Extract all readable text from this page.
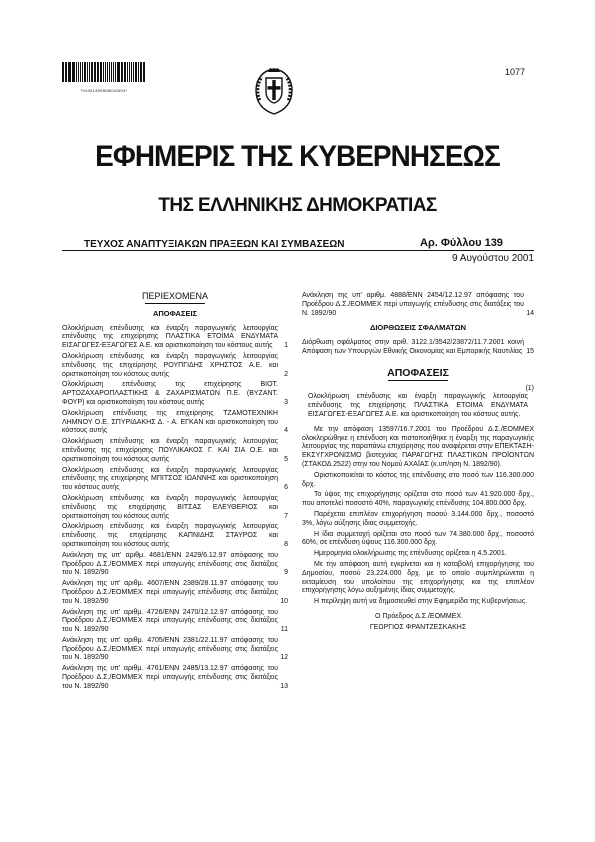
*01001390908010004*
1077
ΕΦΗΜΕΡΙΣ ΤΗΣ ΚΥΒΕΡΝΗΣΕΩΣ
ΤΗΣ ΕΛΛΗΝΙΚΗΣ ΔΗΜΟΚΡΑΤΙΑΣ
ΤΕΥΧΟΣ ΑΝΑΠΤΥΞΙΑΚΩΝ ΠΡΑΞΕΩΝ ΚΑΙ ΣΥΜΒΑΣΕΩΝ	Αρ. Φύλλου 139
9 Αυγούστου 2001
ΠΕΡΙΕΧΟΜΕΝΑ
ΑΠΟΦΑΣΕΙΣ
Ολοκλήρωση επένδυσης και έναρξη παραγωγικής λειτουργίας επένδυσης της επιχείρησης ΠΛΑΣΤΙΚΑ ΕΤΟΙΜΑ ΕΝΔΥΜΑΤΑ ΕΙΣΑΓΩΓΕΣ-ΕΞΑΓΩΓΕΣ Α.Ε. και οριστικοποίηση του κόστους αυτής	1
Ολοκλήρωση επένδυσης και έναρξη παραγωγικής λειτουργίας επένδυσης της επιχείρησης ΡΟΥΠΓΙΔΗΣ ΧΡΗΣΤΟΣ Α.Ε. και οριστικοποίηση του κόστους αυτής	2
Ολοκλήρωση επένδυσης της επιχείρησης ΒΙΟΤ. ΑΡΤΟΖΑΧΑΡΟΠΛΑΣΤΙΚΗΣ & ΖΑΧΑΡΙΣΜΑΤΩΝ Π.Ε. (ΒΥΖΑΝΤ. ΦΟΥΡ) και οριστικοποίηση του κόστους αυτής	3
Ολοκλήρωση επένδυσης της επιχείρησης ΤΖΑΜΟΤΕΧΝΙΚΗ ΛΗΜΝΟΥ Ο.Ε. ΣΠΥΡΙΔΑΚΗΣ Δ. - Α. ΕΓΚΑΝ και οριστικοποίηση του κόστους αυτής	4
Ολοκλήρωση επένδυσης και έναρξη παραγωγικής λειτουργίας επένδυσης της επιχείρησης ΠΟΥΛΙΚΑΚΟΣ Γ. ΚΑΙ ΣΙΑ Ο.Ε. και οριστικοποίηση του κόστους αυτής	5
Ολοκλήρωση επένδυσης και έναρξη παραγωγικής λειτουργίας επένδυσης της επιχείρησης ΜΠΙΤΣΟΣ ΙΩΑΝΝΗΣ και οριστικοποίηση του κόστους αυτής	6
Ολοκλήρωση επένδυσης και έναρξη παραγωγικής λειτουργίας επένδυσης της επιχείρησης ΒΙΤΣΑΣ ΕΛΕΥΘΕΡΙΟΣ και οριστικοποίηση του κόστους αυτής	7
Ολοκλήρωση επένδυσης και έναρξη παραγωγικής λειτουργίας επένδυσης της επιχείρησης ΚΑΠΝΙΔΗΣ ΣΤΑΥΡΟΣ και οριστικοποίηση του κόστους αυτής	8
Ανάκληση της υπ' αριθμ. 4681/ΕΝΝ 2429/6.12.97 απόφασης του Προέδρου Δ.Σ./ΕΟΜΜΕΧ περί υπαγωγής επένδυσης στις διατάξεις του Ν. 1892/90	9
Ανάκληση της υπ' αριθμ. 4607/ΕΝΝ 2389/28.11.97 απόφασης του Προέδρου Δ.Σ./ΕΟΜΜΕΧ περί υπαγωγής επένδυσης στις διατάξεις του Ν. 1892/90	10
Ανάκληση της υπ' αριθμ. 4726/ΕΝΝ 2470/12.12.97 απόφασης του Προέδρου Δ.Σ./ΕΟΜΜΕΧ περί υπαγωγής επένδυσης στις διατάξεις του Ν. 1892/90	11
Ανάκληση της υπ' αριθμ. 4705/ΕΝΝ 2381/22.11.97 απόφασης του Προέδρου Δ.Σ./ΕΟΜΜΕΧ περί υπαγωγής επένδυσης στις διατάξεις του Ν. 1892/90	12
Ανάκληση της υπ' αριθμ. 4761/ΕΝΝ 2485/13.12.97 απόφασης του Προέδρου Δ.Σ./ΕΟΜΜΕΧ περί υπαγωγής επένδυσης στις διατάξεις του Ν. 1892/90	13
Ανάκληση της υπ' αριθμ. 4888/ΕΝΝ 2454/12.12.97 απόφασης του Προέδρου Δ.Σ./ΕΟΜΜΕΧ περί υπαγωγής επένδυσης στις διατάξεις του Ν. 1892/90	14
ΔΙΟΡΘΩΣΕΙΣ ΣΦΑΛΜΑΤΩΝ
Διόρθωση σφάλματος στην αριθ. 3122.1/3542/23872/11.7.2001 κοινή Απόφαση των Υπουργών Εθνικής Οικονομίας και Εμπορικής Ναυτιλίας 15
ΑΠΟΦΑΣΕΙΣ
(1)
Ολοκλήρωση επένδυσης και έναρξη παραγωγικής λειτουργίας επένδυσης της επιχείρησης ΠΛΑΣΤΙΚΑ ΕΤΟΙΜΑ ΕΝΔΥΜΑΤΑ ΕΙΣΑΓΩΓΕΣ-ΕΞΑΓΩΓΕΣ Α.Ε. και οριστικοποίηση του κόστους αυτής.

Με την απόφαση 13597/16.7.2001 του Προέδρου Δ.Σ./ΕΟΜΜΕΧ ολοκληρώθηκε η επένδυση και πιστοποιήθηκε η έναρξη της παραγωγικής λειτουργίας της παραπάνω επιχείρησης που αναφέρεται στην ΕΠΕΚΤΑΣΗ-ΕΚΣΥΓΧΡΟΝΙΣΜΟ βιοτεχνίας ΠΑΡΑΓΩΓΗΣ ΠΛΑΣΤΙΚΩΝ ΠΡΟΪΟΝΤΩΝ (ΣΤΑΚΟΔ 2522) στην του Νομού ΑΧΑΪΑΣ (κ.υπ/ηση Ν. 1892/90).

Οριστικοποιείται το κόστος της επένδυσης στο ποσό των 116.300.000 δρχ.

Το ύψος της επιχορήγησης ορίζεται στο ποσό των 41.920.000 δρχ., που αποτελεί ποσοστό 40%, παραγωγικής επένδυσης 104.800.000 δρχ.

Παρέχεται επιπλέον επιχορήγηση ποσού 3.144.000 δρχ., ποσοστό 3%, λόγω αύξησης ίδιας συμμετοχής.

Η ίδια συμμετοχή ορίζεται στο ποσό των 74.380.000 δρχ., ποσοστό 60%, σε επένδυση ύψους 116.300.000 δρχ.

Ημερομηνία ολοκλήρωσης της επένδυσης ορίζεται η 4.5.2001.

Με την απόφαση αυτή εγκρίνεται και η καταβολή επιχορήγησης του Δημοσίου, ποσού 23.224.000 δρχ. με το οποίο συμπληρώνεται η εκταμίευση του υπολοίπου της επιχορήγησης και της επιπλέον επιχορήγησης λόγω αυξημένης ίδιας συμμετοχής.

Η περίληψη αυτή να δημοσιευθεί στην Εφημερίδα της Κυβερνήσεως.

Ο Πρόεδρος Δ.Σ./ΕΟΜΜΕΧ
ΓΕΩΡΓΙΟΣ ΦΡΑΝΤΖΕΣΚΑΚΗΣ
